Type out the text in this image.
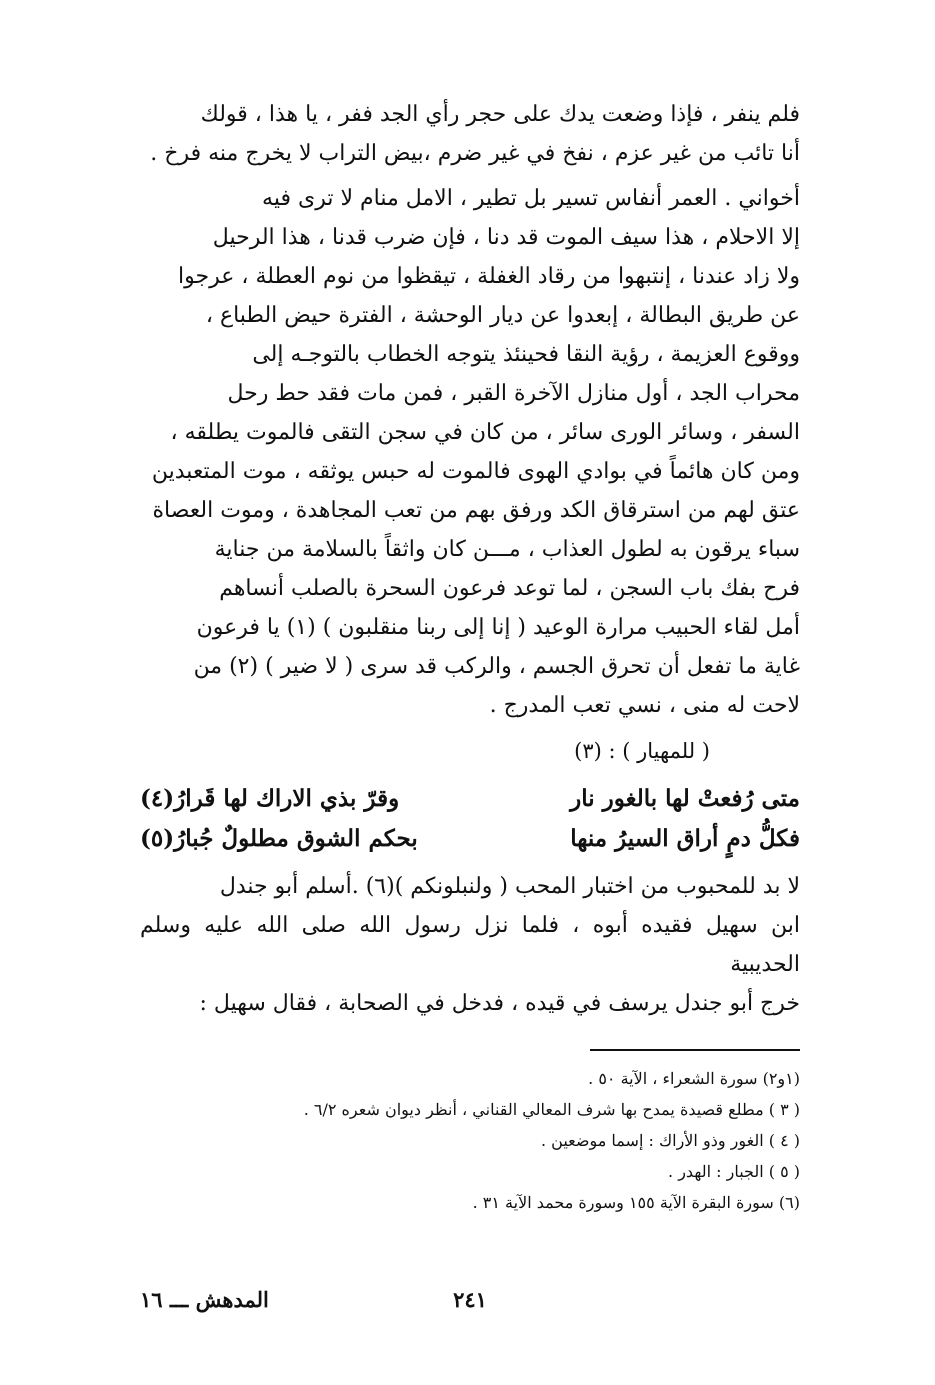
فلم ينفر ، فإذا وضعت يدك على حجر رأي الجد ففر ، يا هذا ، قولك
أنا تائب من غير عزم ، نفخ في غير ضرم ،بيض التراب لا يخرج منه فرخ .

أخواني . العمر أنفاس تسير بل تطير ، الامل منام لا ترى فيه
إلا الاحلام ، هذا سيف الموت قد دنا ، فإن ضرب قدنا ، هذا الرحيل
ولا زاد عندنا ، إنتبهوا من رقاد الغفلة ، تيقظوا من نوم العطلة ، عرجوا
عن طريق البطالة ، إبعدوا عن ديار الوحشة ، الفترة حيض الطباع ،
ووقوع العزيمة ، رؤية النقا فحينئذ يتوجه الخطاب بالتوجـه إلى
محراب الجد ، أول منازل الآخرة القبر ، فمن مات فقد حط رحل
السفر ، وسائر الورى سائر ، من كان في سجن التقى فالموت يطلقه ،
ومن كان هائماً في بوادي الهوى فالموت له حبس يوثقه ، موت المتعبدين
عتق لهم من استرقاق الكد ورفق بهم من تعب المجاهدة ، وموت العصاة
سباء يرقون به لطول العذاب ، مـــن كان واثقاً بالسلامة من جناية
فرح بفك باب السجن ، لما توعد فرعون السحرة بالصلب أنساهم
أمل لقاء الحبيب مرارة الوعيد ( إنا إلى ربنا منقلبون ) (١) يا فرعون
غاية ما تفعل أن تحرق الجسم ، والركب قد سرى ( لا ضير ) (٢) من
لاحت له منى ، نسي تعب المدرج .

( للمهيار ) : (٣)
متى رُفعتْ لها بالغور نار
وقرّ بذي الاراك لها قَرارُ(٤)
فكلُّ دمٍ أراق السيرُ منها
بحكم الشوق مطلولٌ جُبارُ(٥)

لا بد للمحبوب من اختبار المحب ( ولنبلونكم )(٦) .أسلم أبو جندل
ابن سهيل فقيده أبوه ، فلما نزل رسول الله صلى الله عليه وسلم الحديبية
خرج أبو جندل يرسف في قيده ، فدخل في الصحابة ، فقال سهيل :

(١و٢) سورة الشعراء ، الآية ٥٠ .

( ٣ ) مطلع قصيدة يمدح بها شرف المعالي القناني ، أنظر ديوان شعره ٦/٢ .

( ٤ ) الغور وذو الأراك : إسما موضعين .

( ٥ ) الجبار : الهدر .

(٦) سورة البقرة الآية ١٥٥ وسورة محمد الآية ٣١ .

٢٤١
المدهش ـــ ١٦
